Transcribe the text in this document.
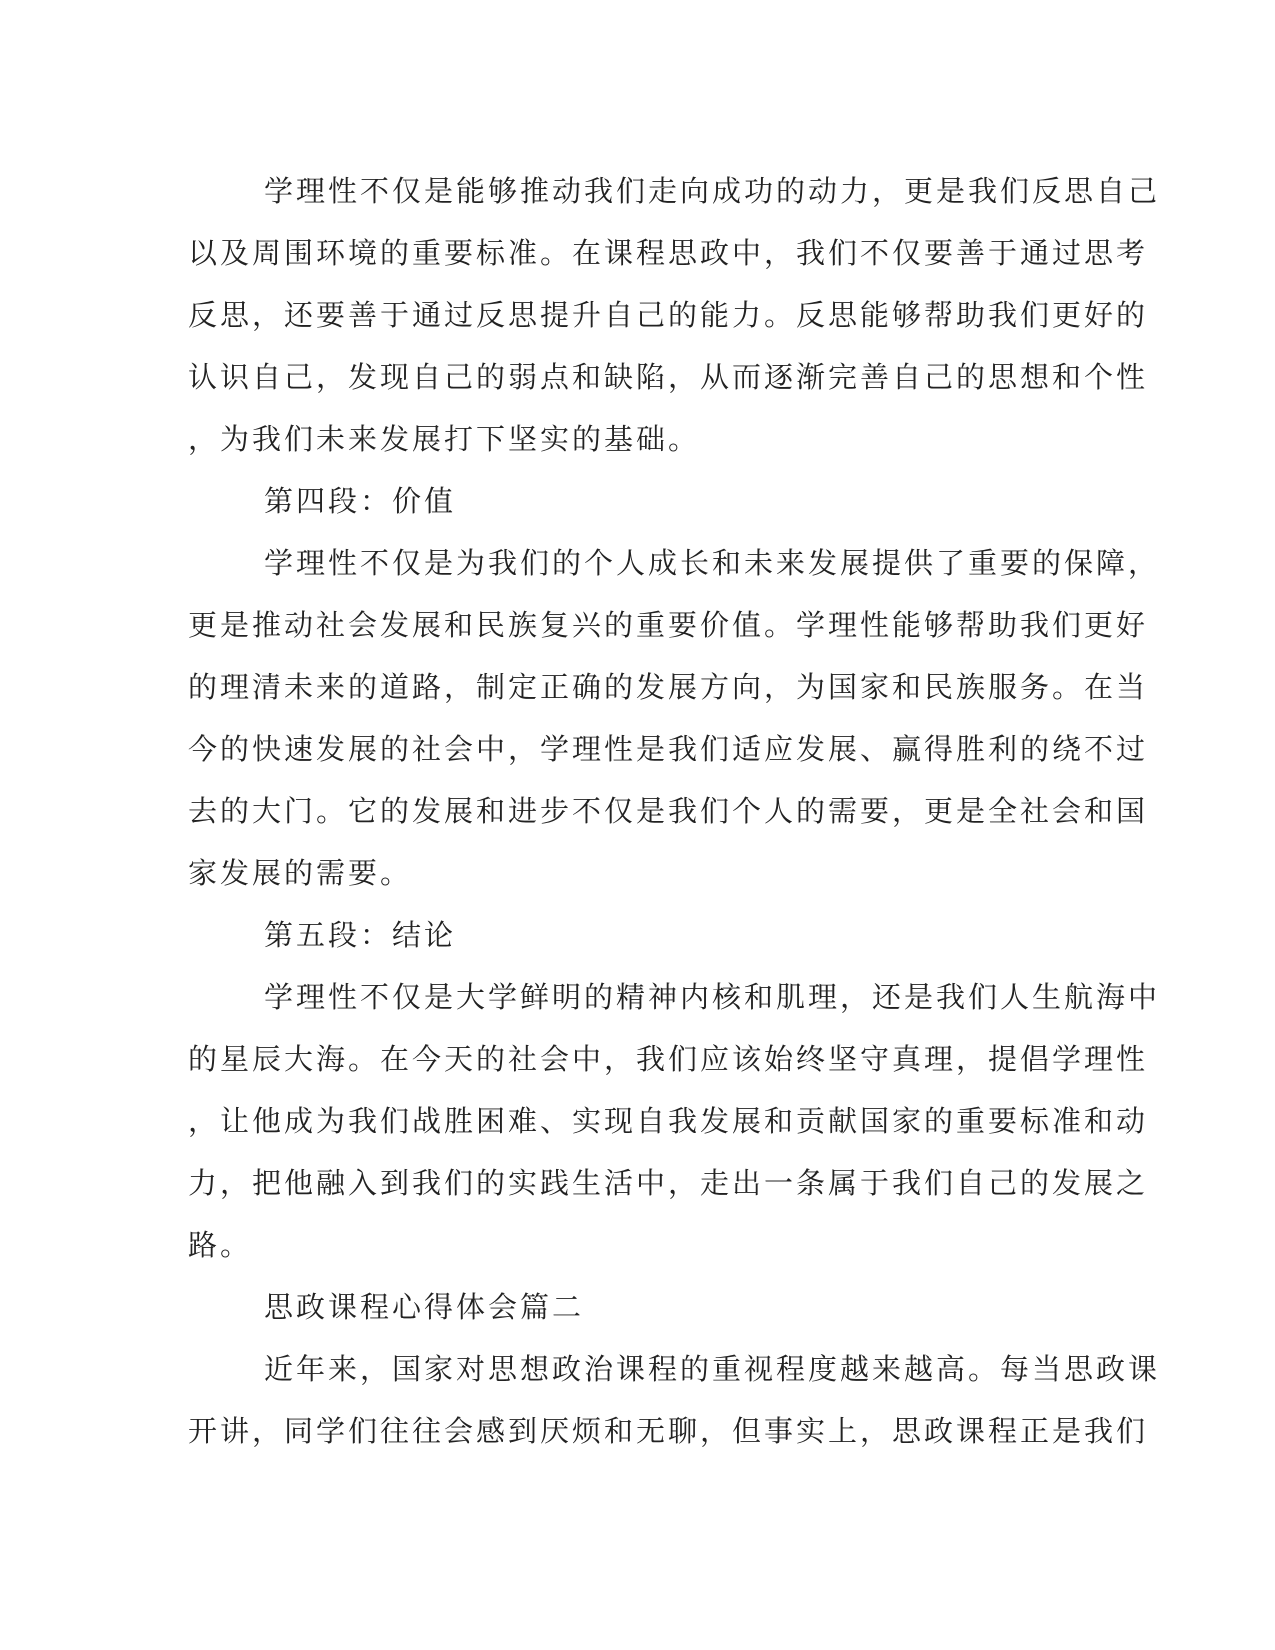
学理性不仅是能够推动我们走向成功的动力，更是我们反思自己
以及周围环境的重要标准。在课程思政中，我们不仅要善于通过思考
反思，还要善于通过反思提升自己的能力。反思能够帮助我们更好的
认识自己，发现自己的弱点和缺陷，从而逐渐完善自己的思想和个性
，为我们未来发展打下坚实的基础。
第四段：价值
学理性不仅是为我们的个人成长和未来发展提供了重要的保障，
更是推动社会发展和民族复兴的重要价值。学理性能够帮助我们更好
的理清未来的道路，制定正确的发展方向，为国家和民族服务。在当
今的快速发展的社会中，学理性是我们适应发展、赢得胜利的绕不过
去的大门。它的发展和进步不仅是我们个人的需要，更是全社会和国
家发展的需要。
第五段：结论
学理性不仅是大学鲜明的精神内核和肌理，还是我们人生航海中
的星辰大海。在今天的社会中，我们应该始终坚守真理，提倡学理性
，让他成为我们战胜困难、实现自我发展和贡献国家的重要标准和动
力，把他融入到我们的实践生活中，走出一条属于我们自己的发展之
路。
思政课程心得体会篇二
近年来，国家对思想政治课程的重视程度越来越高。每当思政课
开讲，同学们往往会感到厌烦和无聊，但事实上，思政课程正是我们
